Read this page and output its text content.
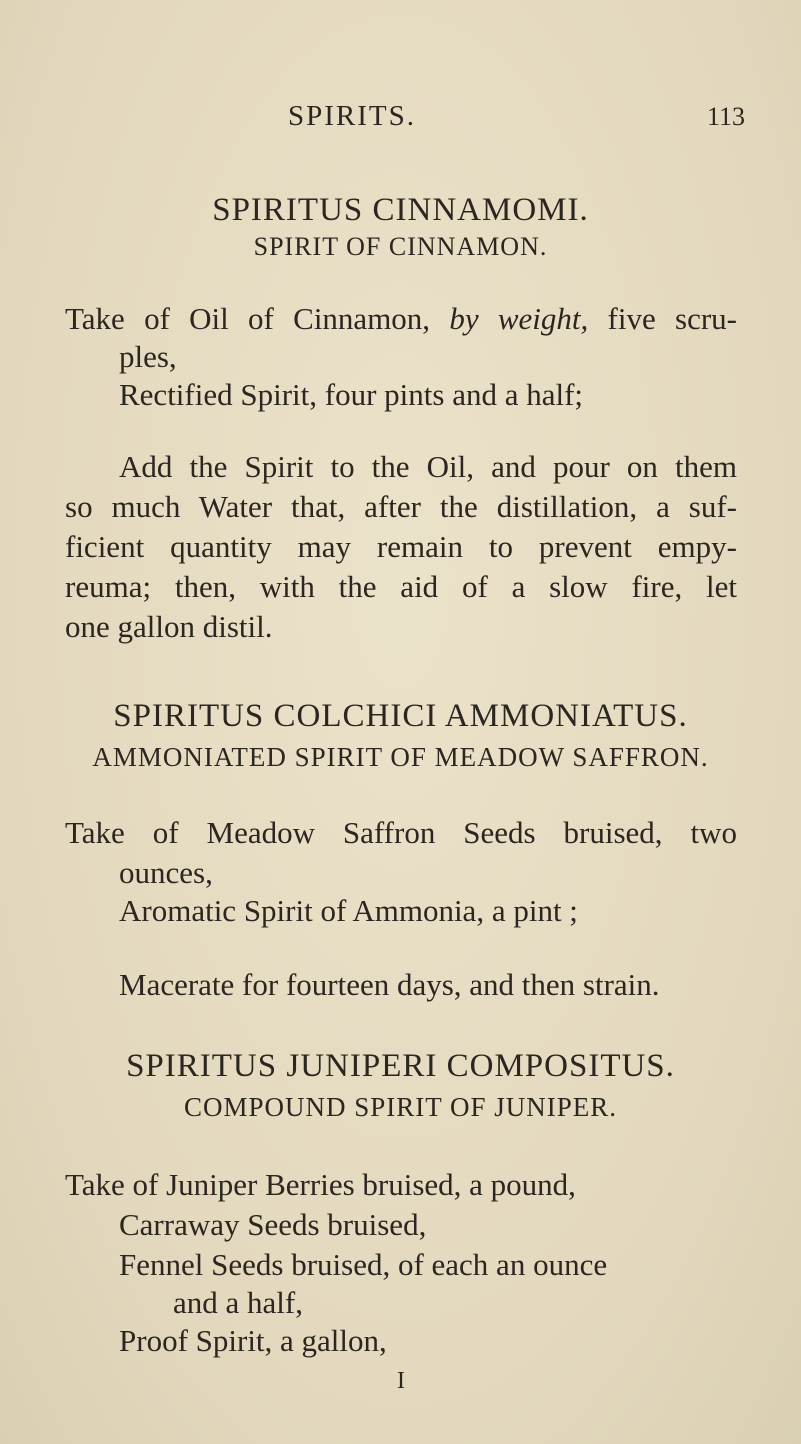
SPIRITS.	113
SPIRITUS CINNAMOMI.
SPIRIT OF CINNAMON.
Take of Oil of Cinnamon, by weight, five scru-
ples,
Rectified Spirit, four pints and a half;
Add the Spirit to the Oil, and pour on them
so much Water that, after the distillation, a suf-
ficient quantity may remain to prevent empy-
reuma; then, with the aid of a slow fire, let
one gallon distil.
SPIRITUS COLCHICI AMMONIATUS.
AMMONIATED SPIRIT OF MEADOW SAFFRON.
Take of Meadow Saffron Seeds bruised, two
ounces,
Aromatic Spirit of Ammonia, a pint ;
Macerate for fourteen days, and then strain.
SPIRITUS JUNIPERI COMPOSITUS.
COMPOUND SPIRIT OF JUNIPER.
Take of Juniper Berries bruised, a pound,
Carraway Seeds bruised,
Fennel Seeds bruised, of each an ounce
and a half,
Proof Spirit, a gallon,
I
